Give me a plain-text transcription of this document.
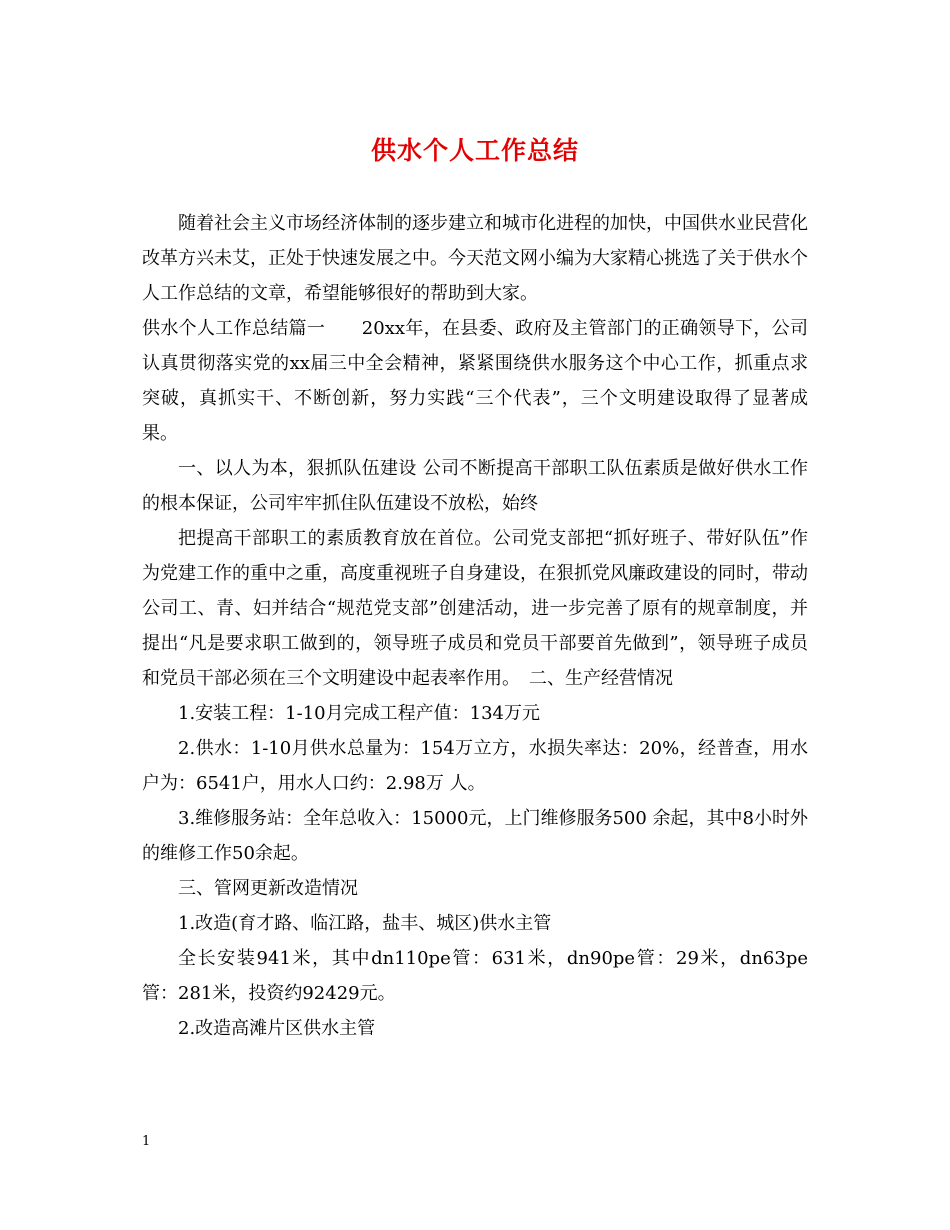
供水个人工作总结

随着社会主义市场经济体制的逐步建立和城市化进程的加快，中国供水业民营化改革方兴未艾，正处于快速发展之中。今天范文网小编为大家精心挑选了关于供水个人工作总结的文章，希望能够很好的帮助到大家。

供水个人工作总结篇一　　20xx年，在县委、政府及主管部门的正确领导下，公司认真贯彻落实党的xx届三中全会精神，紧紧围绕供水服务这个中心工作，抓重点求突破，真抓实干、不断创新，努力实践“三个代表”，三个文明建设取得了显著成果。

一、以人为本，狠抓队伍建设 公司不断提高干部职工队伍素质是做好供水工作的根本保证，公司牢牢抓住队伍建设不放松，始终

把提高干部职工的素质教育放在首位。公司党支部把“抓好班子、带好队伍”作为党建工作的重中之重，高度重视班子自身建设，在狠抓党风廉政建设的同时，带动公司工、青、妇并结合“规范党支部”创建活动，进一步完善了原有的规章制度，并提出“凡是要求职工做到的，领导班子成员和党员干部要首先做到”，领导班子成员和党员干部必须在三个文明建设中起表率作用。　二、生产经营情况

1.安装工程：1-10月完成工程产值：134万元

2.供水：1-10月供水总量为：154万立方，水损失率达：20%，经普查，用水户为：6541户，用水人口约：2.98万 人。

3.维修服务站：全年总收入：15000元，上门维修服务500 余起，其中8小时外的维修工作50余起。

三、管网更新改造情况

1.改造(育才路、临江路，盐丰、城区)供水主管

全长安装941米，其中dn110pe管：631米，dn90pe管：29米，dn63pe管：281米，投资约92429元。

2.改造高滩片区供水主管

1
